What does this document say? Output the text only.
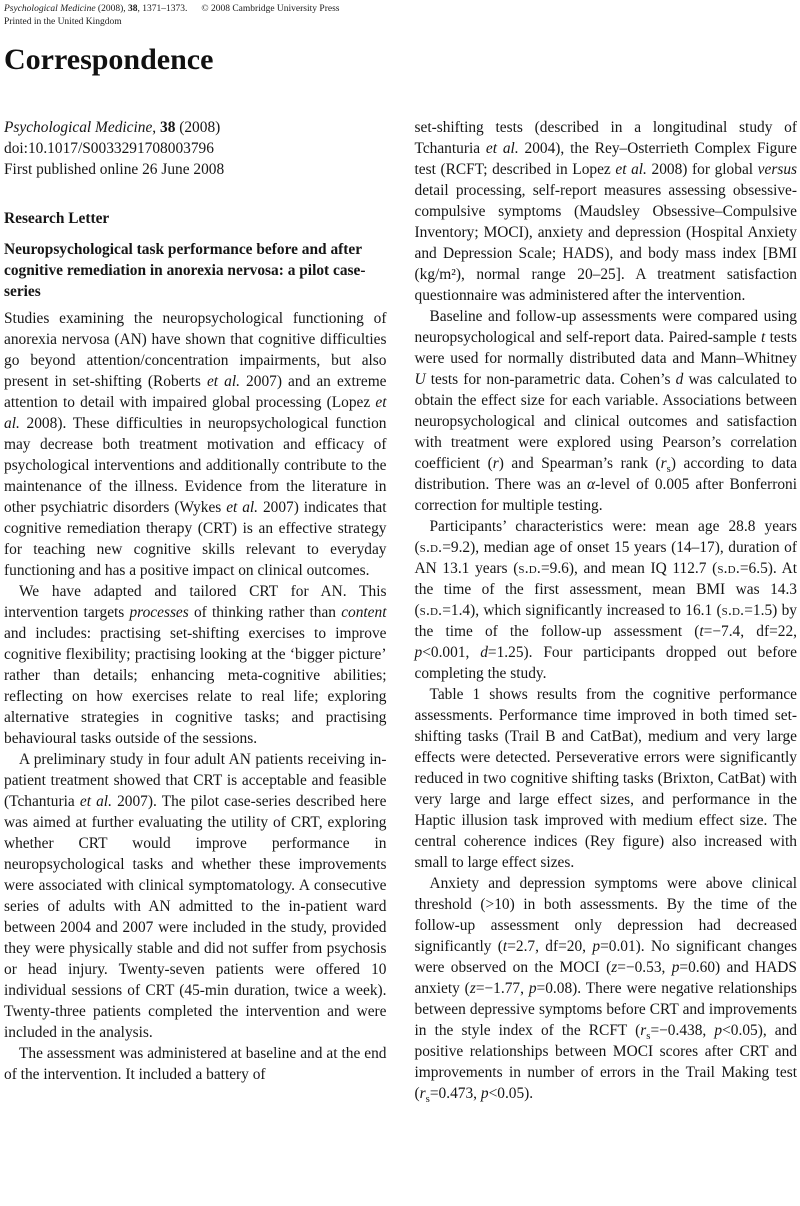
Psychological Medicine (2008), 38, 1371–1373. © 2008 Cambridge University Press
Printed in the United Kingdom
Correspondence
Psychological Medicine, 38 (2008)
doi:10.1017/S0033291708003796
First published online 26 June 2008

Research Letter

Neuropsychological task performance before and after cognitive remediation in anorexia nervosa: a pilot case-series

Studies examining the neuropsychological functioning of anorexia nervosa (AN) have shown that cognitive difficulties go beyond attention/concentration impairments, but also present in set-shifting (Roberts et al. 2007) and an extreme attention to detail with impaired global processing (Lopez et al. 2008). These difficulties in neuropsychological function may decrease both treatment motivation and efficacy of psychological interventions and additionally contribute to the maintenance of the illness. Evidence from the literature in other psychiatric disorders (Wykes et al. 2007) indicates that cognitive remediation therapy (CRT) is an effective strategy for teaching new cognitive skills relevant to everyday functioning and has a positive impact on clinical outcomes.

We have adapted and tailored CRT for AN. This intervention targets processes of thinking rather than content and includes: practising set-shifting exercises to improve cognitive flexibility; practising looking at the ‘bigger picture’ rather than details; enhancing meta-cognitive abilities; reflecting on how exercises relate to real life; exploring alternative strategies in cognitive tasks; and practising behavioural tasks outside of the sessions.

A preliminary study in four adult AN patients receiving in-patient treatment showed that CRT is acceptable and feasible (Tchanturia et al. 2007). The pilot case-series described here was aimed at further evaluating the utility of CRT, exploring whether CRT would improve performance in neuropsychological tasks and whether these improvements were associated with clinical symptomatology. A consecutive series of adults with AN admitted to the in-patient ward between 2004 and 2007 were included in the study, provided they were physically stable and did not suffer from psychosis or head injury. Twenty-seven patients were offered 10 individual sessions of CRT (45-min duration, twice a week). Twenty-three patients completed the intervention and were included in the analysis.

The assessment was administered at baseline and at the end of the intervention. It included a battery of

set-shifting tests (described in a longitudinal study of Tchanturia et al. 2004), the Rey–Osterrieth Complex Figure test (RCFT; described in Lopez et al. 2008) for global versus detail processing, self-report measures assessing obsessive-compulsive symptoms (Maudsley Obsessive–Compulsive Inventory; MOCI), anxiety and depression (Hospital Anxiety and Depression Scale; HADS), and body mass index [BMI (kg/m²), normal range 20–25]. A treatment satisfaction questionnaire was administered after the intervention.

Baseline and follow-up assessments were compared using neuropsychological and self-report data. Paired-sample t tests were used for normally distributed data and Mann–Whitney U tests for non-parametric data. Cohen’s d was calculated to obtain the effect size for each variable. Associations between neuropsychological and clinical outcomes and satisfaction with treatment were explored using Pearson’s correlation coefficient (r) and Spearman’s rank $(r_s)$ according to data distribution. There was an α-level of 0.005 after Bonferroni correction for multiple testing.

Participants’ characteristics were: mean age 28.8 years (s.d.=9.2), median age of onset 15 years (14–17), duration of AN 13.1 years (s.d.=9.6), and mean IQ 112.7 (s.d.=6.5). At the time of the first assessment, mean BMI was 14.3 (s.d.=1.4), which significantly increased to 16.1 (s.d.=1.5) by the time of the follow-up assessment (t=−7.4, df=22, p<0.001, d=1.25). Four participants dropped out before completing the study.

Table 1 shows results from the cognitive performance assessments. Performance time improved in both timed set-shifting tasks (Trail B and CatBat), medium and very large effects were detected. Perseverative errors were significantly reduced in two cognitive shifting tasks (Brixton, CatBat) with very large and large effect sizes, and performance in the Haptic illusion task improved with medium effect size. The central coherence indices (Rey figure) also increased with small to large effect sizes.

Anxiety and depression symptoms were above clinical threshold (>10) in both assessments. By the time of the follow-up assessment only depression had decreased significantly (t=2.7, df=20, p=0.01). No significant changes were observed on the MOCI (z=−0.53, p=0.60) and HADS anxiety (z=−1.77, p=0.08). There were negative relationships between depressive symptoms before CRT and improvements in the style index of the RCFT ($r_s=-0.438$, p<0.05), and positive relationships between MOCI scores after CRT and improvements in number of errors in the Trail Making test ($r_s=0.473$, p<0.05).
